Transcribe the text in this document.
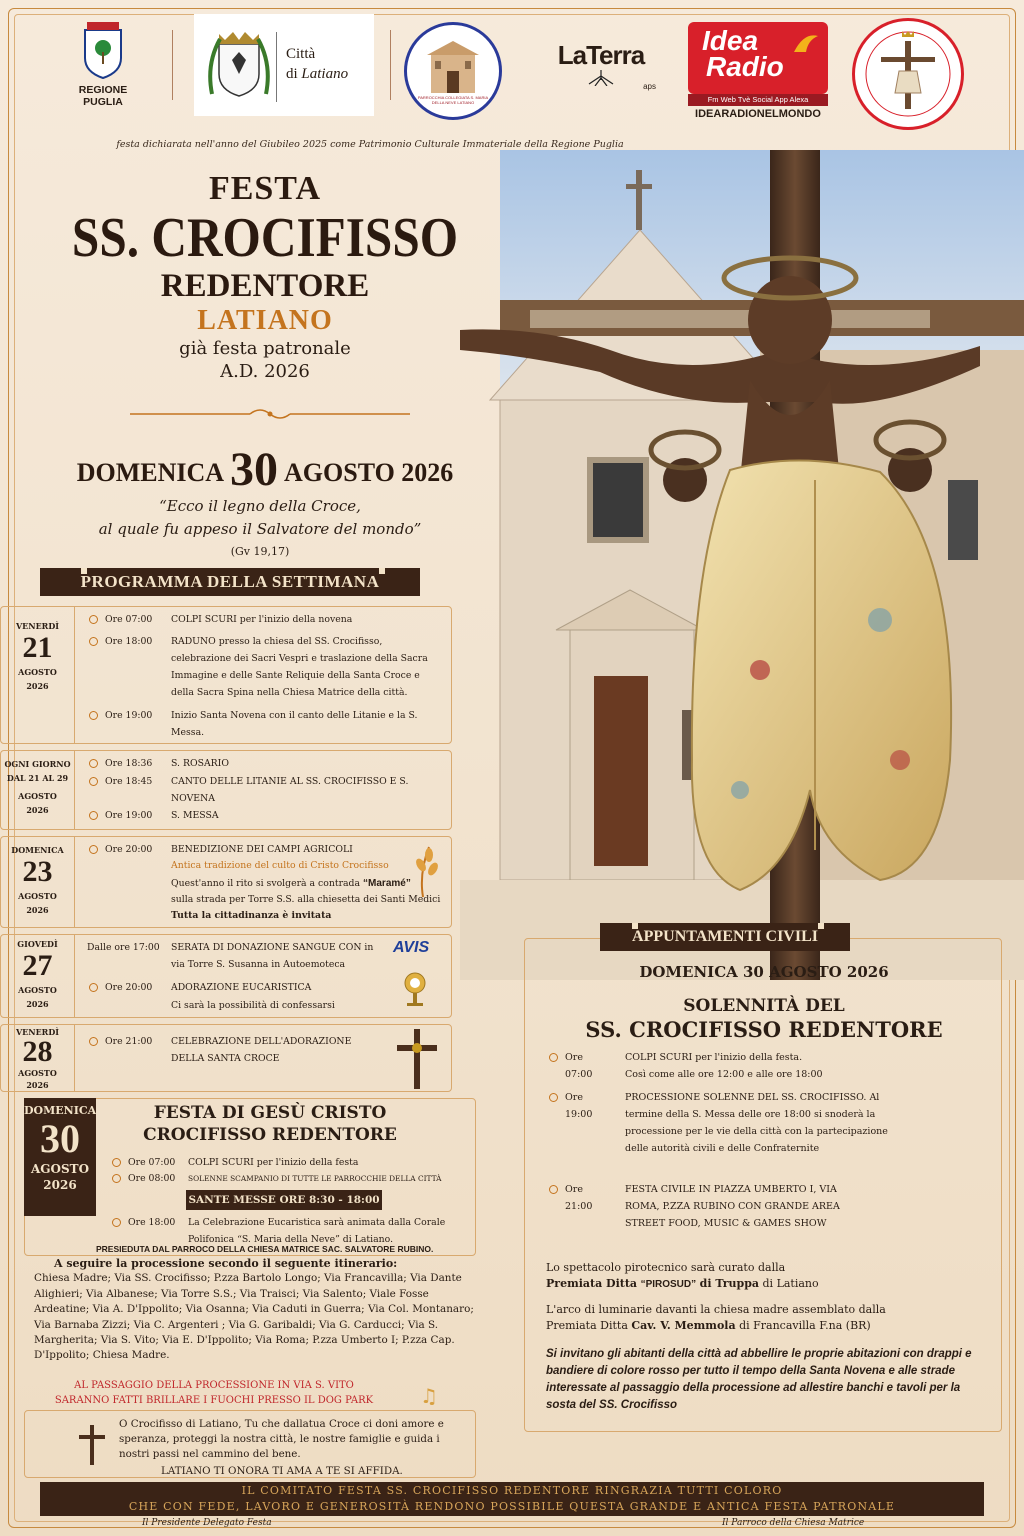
REGIONE PUGLIA
Città
di Latiano
PARROCCHIA COLLEGIATA S. MARIA DELLA NEVE LATIANO
LaTerra
aps
Idea
Radio
Fm Web Tvè Social App Alexa
IDEARADIONELMONDO
festa dichiarata nell'anno del Giubileo 2025 come Patrimonio Culturale Immateriale della Regione Puglia
FESTA
SS. CROCIFISSO
REDENTORE
LATIANO
già festa patronale
A.D. 2026
DOMENICA 30 AGOSTO 2026
“Ecco il legno della Croce,
al quale fu appeso il Salvatore del mondo”
(Gv 19,17)
PROGRAMMA DELLA SETTIMANA
VENERDÌ
21
AGOSTO
2026
Ore 07:00 COLPI SCURI per l'inizio della novena
Ore 18:00 RADUNO presso la chiesa del SS. Crocifisso, celebrazione dei Sacri Vespri e traslazione della Sacra Immagine e delle Sante Reliquie della Santa Croce e della Sacra Spina nella Chiesa Matrice della città.
Ore 19:00 Inizio Santa Novena con il canto delle Litanie e la S. Messa.
OGNI GIORNO
DAL 21 AL 29
AGOSTO
2026
Ore 18:36 S. ROSARIO
Ore 18:45 CANTO DELLE LITANIE AL SS. CROCIFISSO E S. NOVENA
Ore 19:00 S. MESSA
DOMENICA
23
AGOSTO
2026
Ore 20:00 BENEDIZIONE DEI CAMPI AGRICOLI
Antica tradizione del culto di Cristo Crocifisso
Quest'anno il rito si svolgerà a contrada “Maramé”
sulla strada per Torre S.S. alla chiesetta dei Santi Medici
Tutta la cittadinanza è invitata
GIOVEDÌ
27
AGOSTO
2026
Dalle ore 17:00 SERATA DI DONAZIONE SANGUE CON in via Torre S. Susanna in Autoemoteca
Ore 20:00 ADORAZIONE EUCARISTICA
Ci sarà la possibilità di confessarsi
AVIS
VENERDÌ
28
AGOSTO
2026
Ore 21:00 CELEBRAZIONE DELL'ADORAZIONE DELLA SANTA CROCE
DOMENICA
30
AGOSTO
2026
FESTA DI GESÙ CRISTO
CROCIFISSO REDENTORE
Ore 07:00 COLPI SCURI per l'inizio della festa
Ore 08:00 SOLENNE SCAMPANIO DI TUTTE LE PARROCCHIE DELLA CITTÀ
SANTE MESSE ORE 8:30 - 18:00
Ore 18:00 La Celebrazione Eucaristica sarà animata dalla Corale Polifonica “S. Maria della Neve” di Latiano.
PRESIEDUTA DAL PARROCO DELLA CHIESA MATRICE SAC. SALVATORE RUBINO.
A seguire la processione secondo il seguente itinerario:
Chiesa Madre; Via SS. Crocifisso; P.zza Bartolo Longo; Via Francavilla; Via Dante Alighieri; Via Albanese; Via Torre S.S.; Via Traisci; Via Salento; Viale Fosse Ardeatine; Via A. D'Ippolito; Via Osanna; Via Caduti in Guerra; Via Col. Montanaro; Via Barnaba Zizzi; Via C. Argenteri ; Via G. Garibaldi; Via G. Carducci; Via S. Margherita; Via S. Vito; Via E. D'Ippolito; Via Roma; P.zza Umberto I; P.zza Cap. D'Ippolito; Chiesa Madre.
AL PASSAGGIO DELLA PROCESSIONE IN VIA S. VITO
SARANNO FATTI BRILLARE I FUOCHI PRESSO IL DOG PARK	♫
O Crocifisso di Latiano, Tu che dallatua Croce ci doni amore e speranza, proteggi la nostra città, le nostre famiglie e guida i nostri passi nel cammino del bene.
LATIANO TI ONORA TI AMA A TE SI AFFIDA.
DOMENICA 30 AGOSTO 2026
SOLENNITÀ DEL
SS. CROCIFISSO REDENTORE
Ore 07:00
COLPI SCURI per l'inizio della festa. Così come alle ore 12:00 e alle ore 18:00
Ore 19:00
PROCESSIONE SOLENNE DEL SS. CROCIFISSO. Al termine della S. Messa delle ore 18:00 si snoderà la processione per le vie della città con la partecipazione delle autorità civili e delle Confraternite
Ore 21:00
FESTA CIVILE IN PIAZZA UMBERTO I, VIA ROMA, P.ZZA RUBINO CON GRANDE AREA STREET FOOD, MUSIC & GAMES SHOW
APPUNTAMENTI CIVILI
Lo spettacolo pirotecnico sarà curato dalla
Premiata Ditta “PIROSUD” di Truppa di Latiano
L'arco di luminarie davanti la chiesa madre assemblato dalla
Premiata Ditta Cav. V. Memmola di Francavilla F.na (BR)
Si invitano gli abitanti della città ad abbellire le proprie abitazioni con drappi e bandiere di colore rosso per tutto il tempo della Santa Novena e alle strade interessate al passaggio della processione ad allestire banchi e tavoli per la sosta del SS. Crocifisso
IL COMITATO FESTA SS. CROCIFISSO REDENTORE RINGRAZIA TUTTI COLORO
CHE CON FEDE, LAVORO E GENEROSITÀ RENDONO POSSIBILE QUESTA GRANDE E ANTICA FESTA PATRONALE
Il Presidente Delegato Festa	Il Parroco della Chiesa Matrice
